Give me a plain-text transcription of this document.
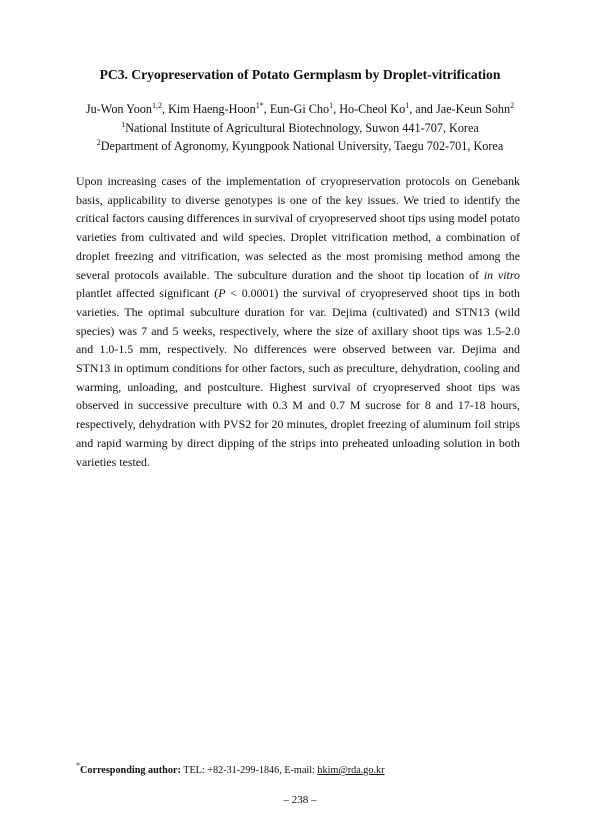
PC3. Cryopreservation of Potato Germplasm by Droplet-vitrification
Ju-Won Yoon$^{1,2}$, Kim Haeng-Hoon$^{1*}$, Eun-Gi Cho$^1$, Ho-Cheol Ko$^1$, and Jae-Keun Sohn$^2$
$^1$National Institute of Agricultural Biotechnology, Suwon 441-707, Korea
$^2$Department of Agronomy, Kyungpook National University, Taegu 702-701, Korea

Upon increasing cases of the implementation of cryopreservation protocols on Genebank basis, applicability to diverse genotypes is one of the key issues. We tried to identify the critical factors causing differences in survival of cryopreserved shoot tips using model potato varieties from cultivated and wild species. Droplet vitrification method, a combination of droplet freezing and vitrification, was selected as the most promising method among the several protocols available. The subculture duration and the shoot tip location of in vitro plantlet affected significant (P < 0.0001) the survival of cryopreserved shoot tips in both varieties. The optimal subculture duration for var. Dejima (cultivated) and STN13 (wild species) was 7 and 5 weeks, respectively, where the size of axillary shoot tips was 1.5-2.0 and 1.0-1.5 mm, respectively. No differences were observed between var. Dejima and STN13 in optimum conditions for other factors, such as preculture, dehydration, cooling and warming, unloading, and postculture. Highest survival of cryopreserved shoot tips was observed in successive preculture with 0.3 M and 0.7 M sucrose for 8 and 17-18 hours, respectively, dehydration with PVS2 for 20 minutes, droplet freezing of aluminum foil strips and rapid warming by direct dipping of the strips into preheated unloading solution in both varieties tested.

*Corresponding author: TEL: +82-31-299-1846, E-mail: hkim@rda.go.kr
– 238 –
